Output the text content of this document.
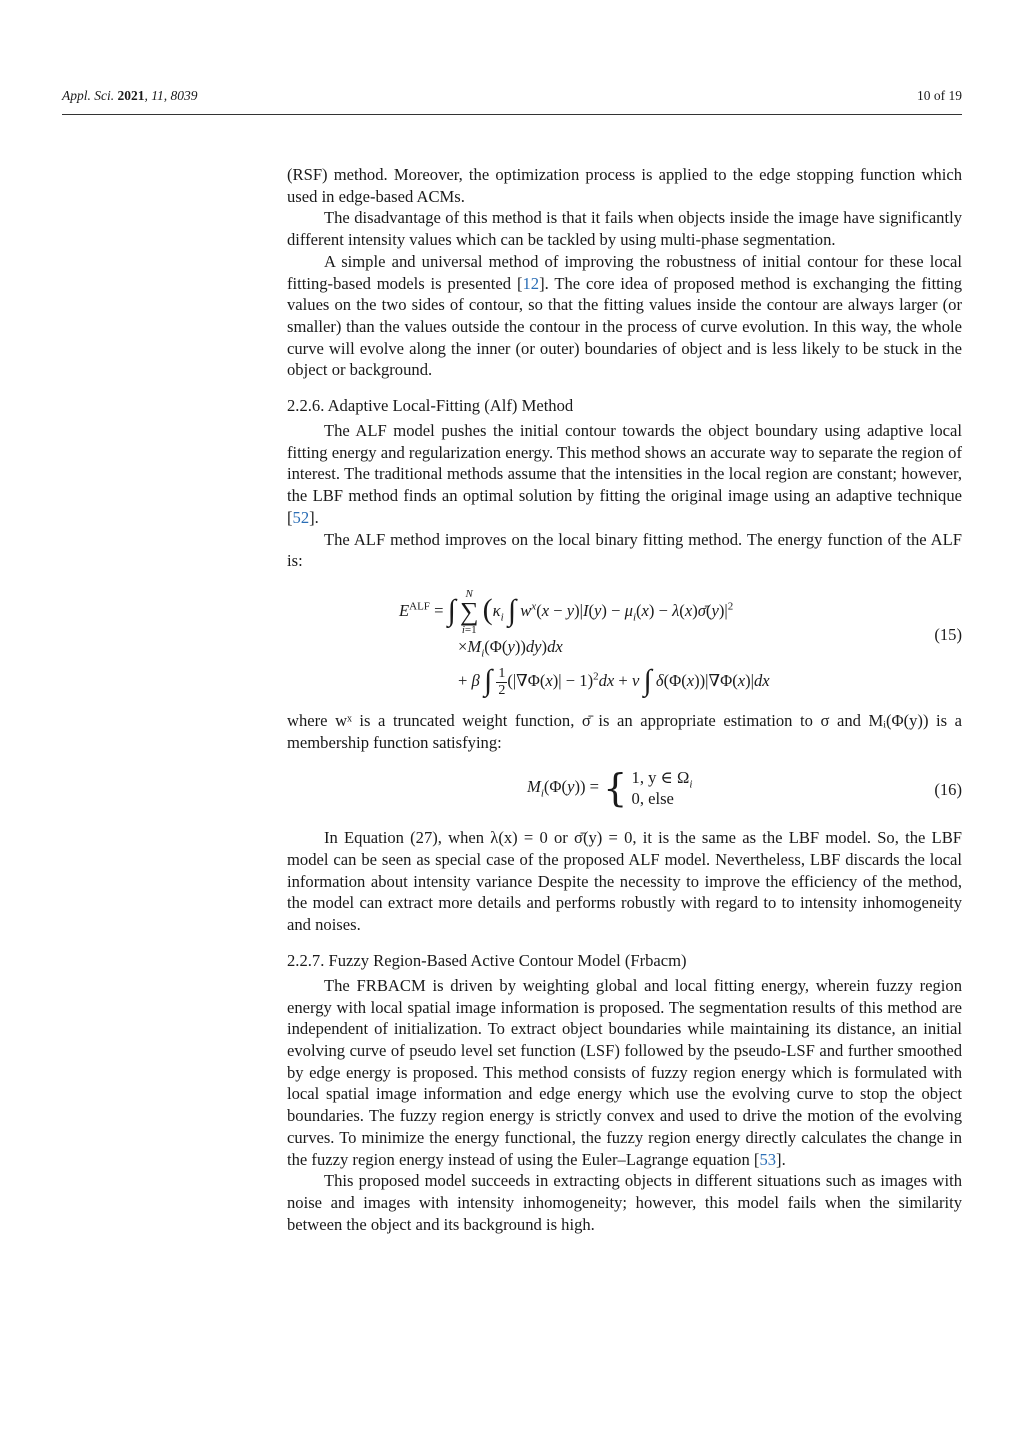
Appl. Sci. 2021, 11, 8039	10 of 19

(RSF) method. Moreover, the optimization process is applied to the edge stopping function which used in edge-based ACMs.

The disadvantage of this method is that it fails when objects inside the image have significantly different intensity values which can be tackled by using multi-phase segmentation.

A simple and universal method of improving the robustness of initial contour for these local fitting-based models is presented [12]. The core idea of proposed method is exchanging the fitting values on the two sides of contour, so that the fitting values inside the contour are always larger (or smaller) than the values outside the contour in the process of curve evolution. In this way, the whole curve will evolve along the inner (or outer) boundaries of object and is less likely to be stuck in the object or background.

2.2.6. Adaptive Local-Fitting (Alf) Method

The ALF model pushes the initial contour towards the object boundary using adaptive local fitting energy and regularization energy. This method shows an accurate way to separate the region of interest. The traditional methods assume that the intensities in the local region are constant; however, the LBF method finds an optimal solution by fitting the original image using an adaptive technique [52].

The ALF method improves on the local binary fitting method. The energy function of the ALF is:

$E^{ALF}$ = ∫ N
∑
i=1 ($\kappa_i$ ∫ $w^x(x - y)|I(y) - \mu_i(x)$ − $\lambda(x)\sigmā(y)|^2$
$\times M_i(\Phi(y))dy)dx$
(15)
+ β ∫ $\frac{1}{2} (|\nabla\Phi(x)| - 1)^2dx + v$ ∫ δ(Φ(x))|∇Φ(x)|dx

where wˣ is a truncated weight function, σ̄ is an appropriate estimation to σ and Mᵢ(Φ(y)) is a membership function satisfying:

$M_i(\Phi(y))$ = { 1, y ∈ $\Omega_i$
0, else	(16)

In Equation (27), when λ(x) = 0 or σ̄(y) = 0, it is the same as the LBF model. So, the LBF model can be seen as special case of the proposed ALF model. Nevertheless, LBF discards the local information about intensity variance Despite the necessity to improve the efficiency of the method, the model can extract more details and performs robustly with regard to to intensity inhomogeneity and noises.

2.2.7. Fuzzy Region-Based Active Contour Model (Frbacm)

The FRBACM is driven by weighting global and local fitting energy, wherein fuzzy region energy with local spatial image information is proposed. The segmentation results of this method are independent of initialization. To extract object boundaries while maintaining its distance, an initial evolving curve of pseudo level set function (LSF) followed by the pseudo-LSF and further smoothed by edge energy is proposed. This method consists of fuzzy region energy which is formulated with local spatial image information and edge energy which use the evolving curve to stop the object boundaries. The fuzzy region energy is strictly convex and used to drive the motion of the evolving curves. To minimize the energy functional, the fuzzy region energy directly calculates the change in the fuzzy region energy instead of using the Euler–Lagrange equation [53].

This proposed model succeeds in extracting objects in different situations such as images with noise and images with intensity inhomogeneity; however, this model fails when the similarity between the object and its background is high.
